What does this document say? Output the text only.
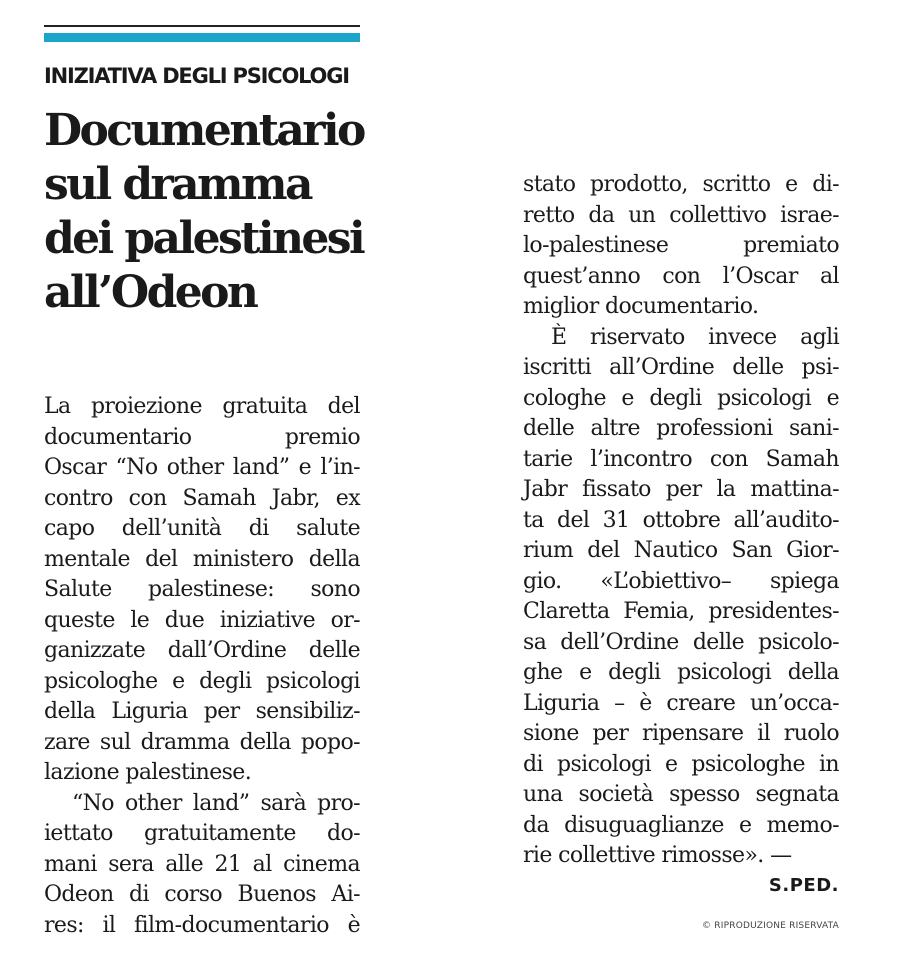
INIZIATIVA DEGLI PSICOLOGI
Documentario
sul dramma
dei palestinesi
all’Odeon
La proiezione gratuita del
documentario premio
Oscar “No other land” e l’in-
contro con Samah Jabr, ex
capo dell’unità di salute
mentale del ministero della
Salute palestinese: sono
queste le due iniziative or-
ganizzate dall’Ordine delle
psicologhe e degli psicologi
della Liguria per sensibiliz-
zare sul dramma della popo-
lazione palestinese.
“No other land” sarà pro-
iettato gratuitamente do-
mani sera alle 21 al cinema
Odeon di corso Buenos Ai-
res: il film-documentario è
stato prodotto, scritto e di-
retto da un collettivo israe-
lo-palestinese premiato
quest’anno con l’Oscar al
miglior documentario.
È riservato invece agli
iscritti all’Ordine delle psi-
cologhe e degli psicologi e
delle altre professioni sani-
tarie l’incontro con Samah
Jabr fissato per la mattina-
ta del 31 ottobre all’audito-
rium del Nautico San Gior-
gio. «L’obiettivo– spiega
Claretta Femia, presidentes-
sa dell’Ordine delle psicolo-
ghe e degli psicologi della
Liguria – è creare un’occa-
sione per ripensare il ruolo
di psicologi e psicologhe in
una società spesso segnata
da disuguaglianze e memo-
rie collettive rimosse». —
S.PED.
© RIPRODUZIONE RISERVATA
